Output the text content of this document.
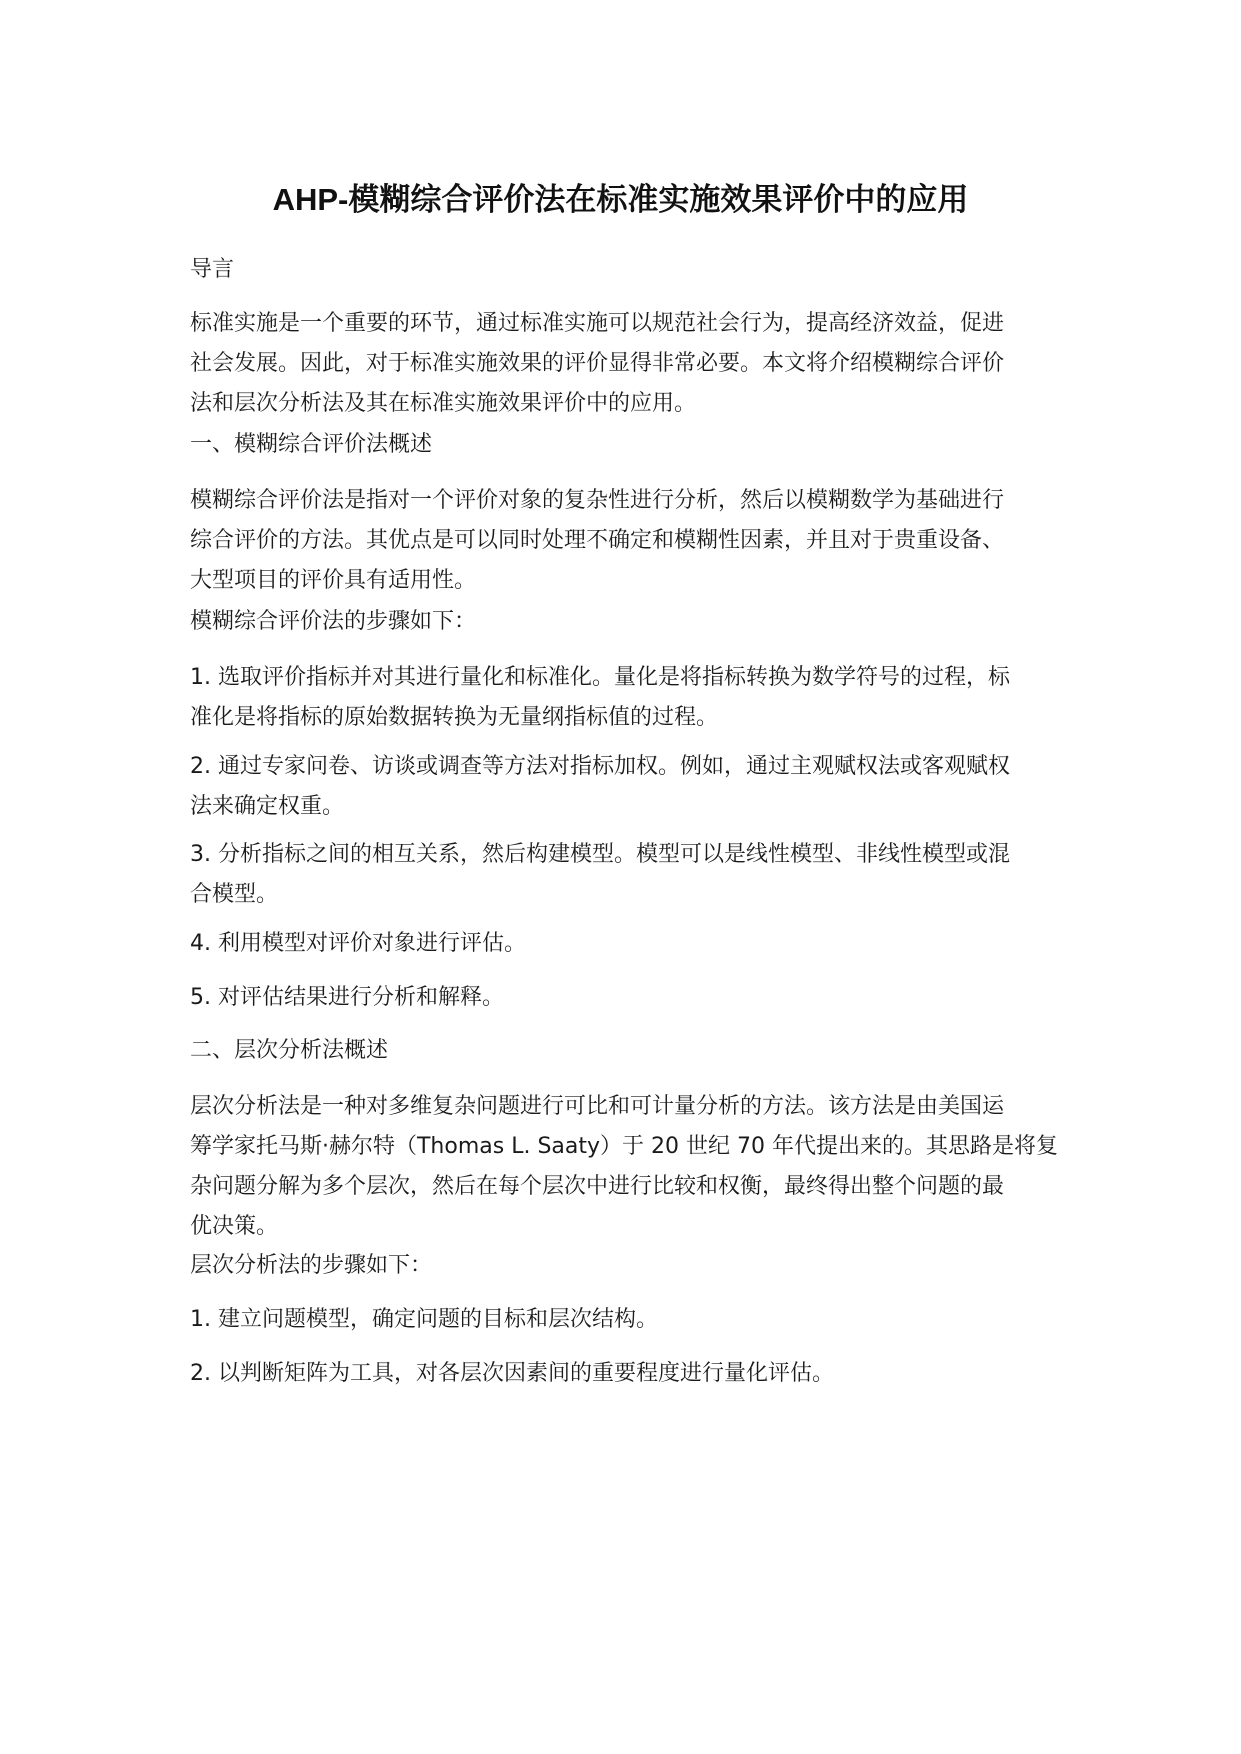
AHP-模糊综合评价法在标准实施效果评价中的应用
导言
标准实施是一个重要的环节，通过标准实施可以规范社会行为，提高经济效益，促进
社会发展。因此，对于标准实施效果的评价显得非常必要。本文将介绍模糊综合评价
法和层次分析法及其在标准实施效果评价中的应用。
一、模糊综合评价法概述
模糊综合评价法是指对一个评价对象的复杂性进行分析，然后以模糊数学为基础进行
综合评价的方法。其优点是可以同时处理不确定和模糊性因素，并且对于贵重设备、
大型项目的评价具有适用性。
模糊综合评价法的步骤如下：
1. 选取评价指标并对其进行量化和标准化。量化是将指标转换为数学符号的过程，标
准化是将指标的原始数据转换为无量纲指标值的过程。
2. 通过专家问卷、访谈或调查等方法对指标加权。例如，通过主观赋权法或客观赋权
法来确定权重。
3. 分析指标之间的相互关系，然后构建模型。模型可以是线性模型、非线性模型或混
合模型。
4. 利用模型对评价对象进行评估。
5. 对评估结果进行分析和解释。
二、层次分析法概述
层次分析法是一种对多维复杂问题进行可比和可计量分析的方法。该方法是由美国运
筹学家托马斯·赫尔特（Thomas L. Saaty）于 20 世纪 70 年代提出来的。其思路是将复
杂问题分解为多个层次，然后在每个层次中进行比较和权衡，最终得出整个问题的最
优决策。
层次分析法的步骤如下：
1. 建立问题模型，确定问题的目标和层次结构。
2. 以判断矩阵为工具，对各层次因素间的重要程度进行量化评估。
